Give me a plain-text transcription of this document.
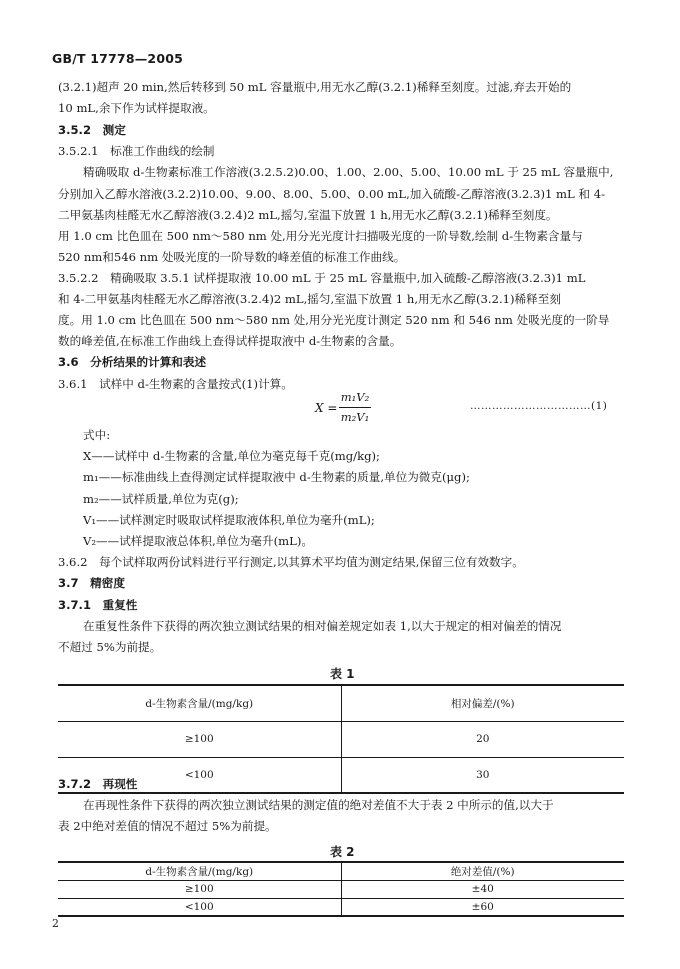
GB/T 17778—2005
(3.2.1)超声 20 min,然后转移到 50 mL 容量瓶中,用无水乙醇(3.2.1)稀释至刻度。过滤,弃去开始的
10 mL,余下作为试样提取液。
3.5.2　测定
3.5.2.1　标准工作曲线的绘制
精确吸取 d-生物素标准工作溶液(3.2.5.2)0.00、1.00、2.00、5.00、10.00 mL 于 25 mL 容量瓶中,
分别加入乙醇水溶液(3.2.2)10.00、9.00、8.00、5.00、0.00 mL,加入硫酸-乙醇溶液(3.2.3)1 mL 和 4-
二甲氨基肉桂醛无水乙醇溶液(3.2.4)2 mL,摇匀,室温下放置 1 h,用无水乙醇(3.2.1)稀释至刻度。
用 1.0 cm 比色皿在 500 nm～580 nm 处,用分光光度计扫描吸光度的一阶导数,绘制 d-生物素含量与
520 nm和546 nm 处吸光度的一阶导数的峰差值的标准工作曲线。
3.5.2.2　精确吸取 3.5.1 试样提取液 10.00 mL 于 25 mL 容量瓶中,加入硫酸-乙醇溶液(3.2.3)1 mL
和 4-二甲氨基肉桂醛无水乙醇溶液(3.2.4)2 mL,摇匀,室温下放置 1 h,用无水乙醇(3.2.1)稀释至刻
度。用 1.0 cm 比色皿在 500 nm～580 nm 处,用分光光度计测定 520 nm 和 546 nm 处吸光度的一阶导
数的峰差值,在标准工作曲线上查得试样提取液中 d-生物素的含量。
3.6　分析结果的计算和表述
3.6.1　试样中 d-生物素的含量按式(1)计算。
X =
m₁V₂
m₂V₁
……………………………(1)
式中:
X——试样中 d-生物素的含量,单位为毫克每千克(mg/kg);
m₁——标准曲线上查得测定试样提取液中 d-生物素的质量,单位为微克(μg);
m₂——试样质量,单位为克(g);
V₁——试样测定时吸取试样提取液体积,单位为毫升(mL);
V₂——试样提取液总体积,单位为毫升(mL)。
3.6.2　每个试样取两份试料进行平行测定,以其算术平均值为测定结果,保留三位有效数字。
3.7　精密度
3.7.1　重复性
在重复性条件下获得的两次独立测试结果的相对偏差规定如表 1,以大于规定的相对偏差的情况
不超过 5%为前提。
表 1
d-生物素含量/(mg/kg)	相对偏差/(%)
≥100	20
<100	30
3.7.2　再现性
在再现性条件下获得的两次独立测试结果的测定值的绝对差值不大于表 2 中所示的值,以大于
表 2中绝对差值的情况不超过 5%为前提。
表 2
d-生物素含量/(mg/kg)	绝对差值/(%)
≥100	±40
<100	±60
2
